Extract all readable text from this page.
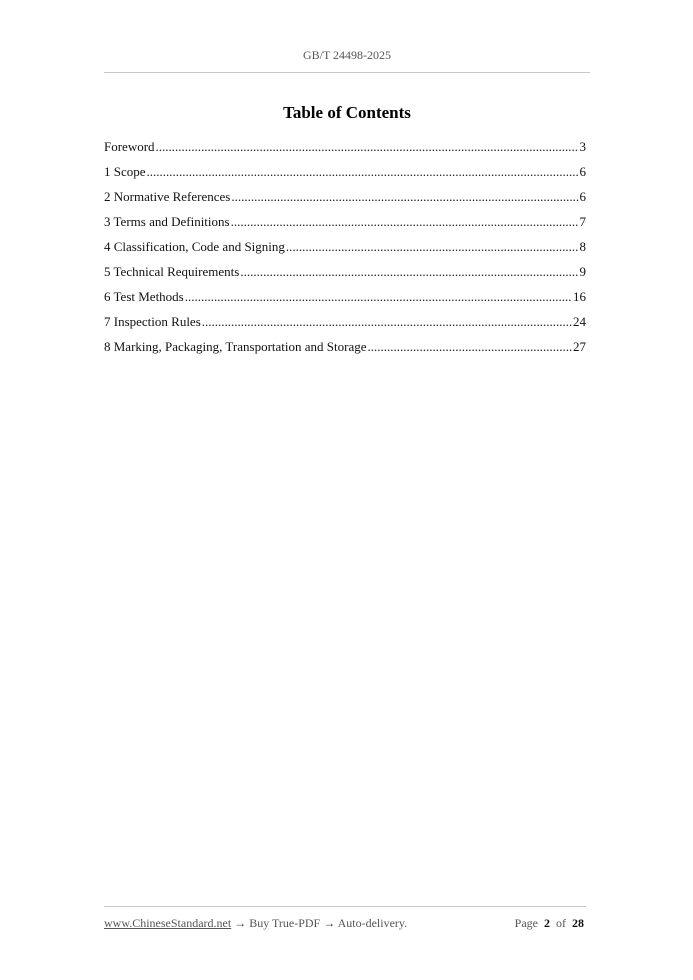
GB/T 24498-2025
Table of Contents
Foreword .....	3
1 Scope .....	6
2 Normative References .....	6
3 Terms and Definitions .....	7
4 Classification, Code and Signing .....	8
5 Technical Requirements .....	9
6 Test Methods .....	16
7 Inspection Rules .....	24
8 Marking, Packaging, Transportation and Storage .....	27
www.ChineseStandard.net → Buy True-PDF → Auto-delivery.	Page 2 of 28
